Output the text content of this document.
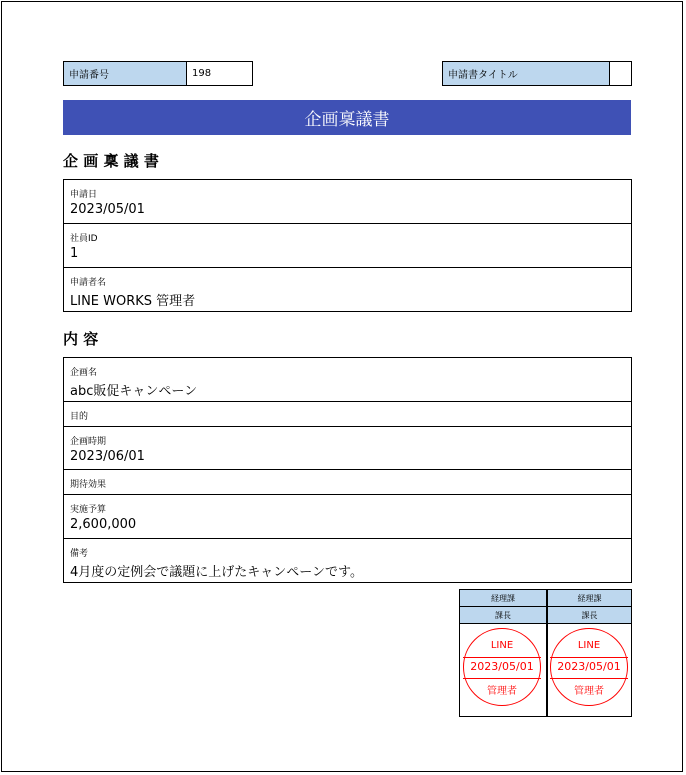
申請番号	198	申請書タイトル
企画稟議書
企 画 稟 議 書
申請日
2023/05/01
社員ID
1
申請者名
LINE WORKS 管理者
内 容
企画名
abc販促キャンペーン
目的
企画時期
2023/06/01
期待効果
実施予算
2,600,000
備考
4月度の定例会で議題に上げたキャンペーンです。
経理課
課長
LINE
2023/05/01
管理者
経理課
課長
LINE
2023/05/01
管理者
